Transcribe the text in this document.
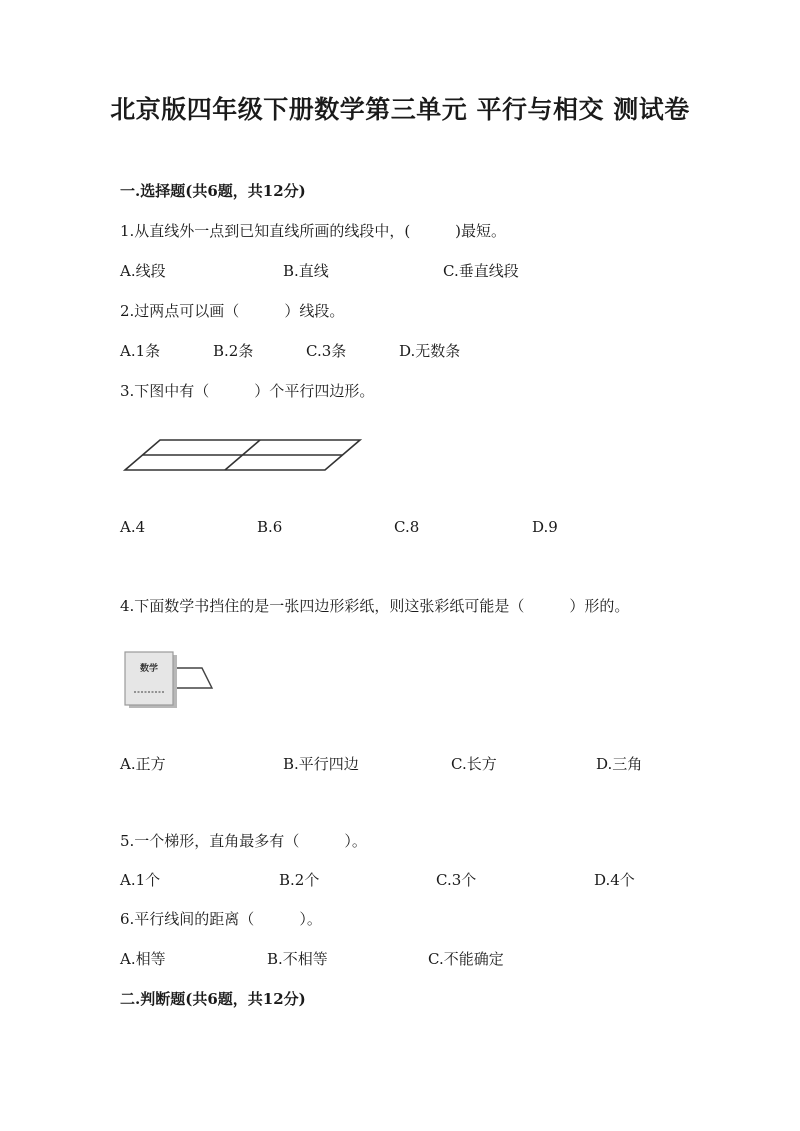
北京版四年级下册数学第三单元 平行与相交 测试卷
一.选择题(共6题，共12分)
1.从直线外一点到已知直线所画的线段中，(　　　)最短。
A.线段	B.直线	C.垂直线段
2.过两点可以画（　　　）线段。
A.1条	B.2条	C.3条	D.无数条
3.下图中有（　　　）个平行四边形。
A.4	B.6	C.8	D.9
4.下面数学书挡住的是一张四边形彩纸，则这张彩纸可能是（　　　）形的。
数学
A.正方	B.平行四边	C.长方	D.三角
5.一个梯形，直角最多有（　　　）。
A.1个	B.2个	C.3个	D.4个
6.平行线间的距离（　　　）。
A.相等	B.不相等	C.不能确定
二.判断题(共6题，共12分)
